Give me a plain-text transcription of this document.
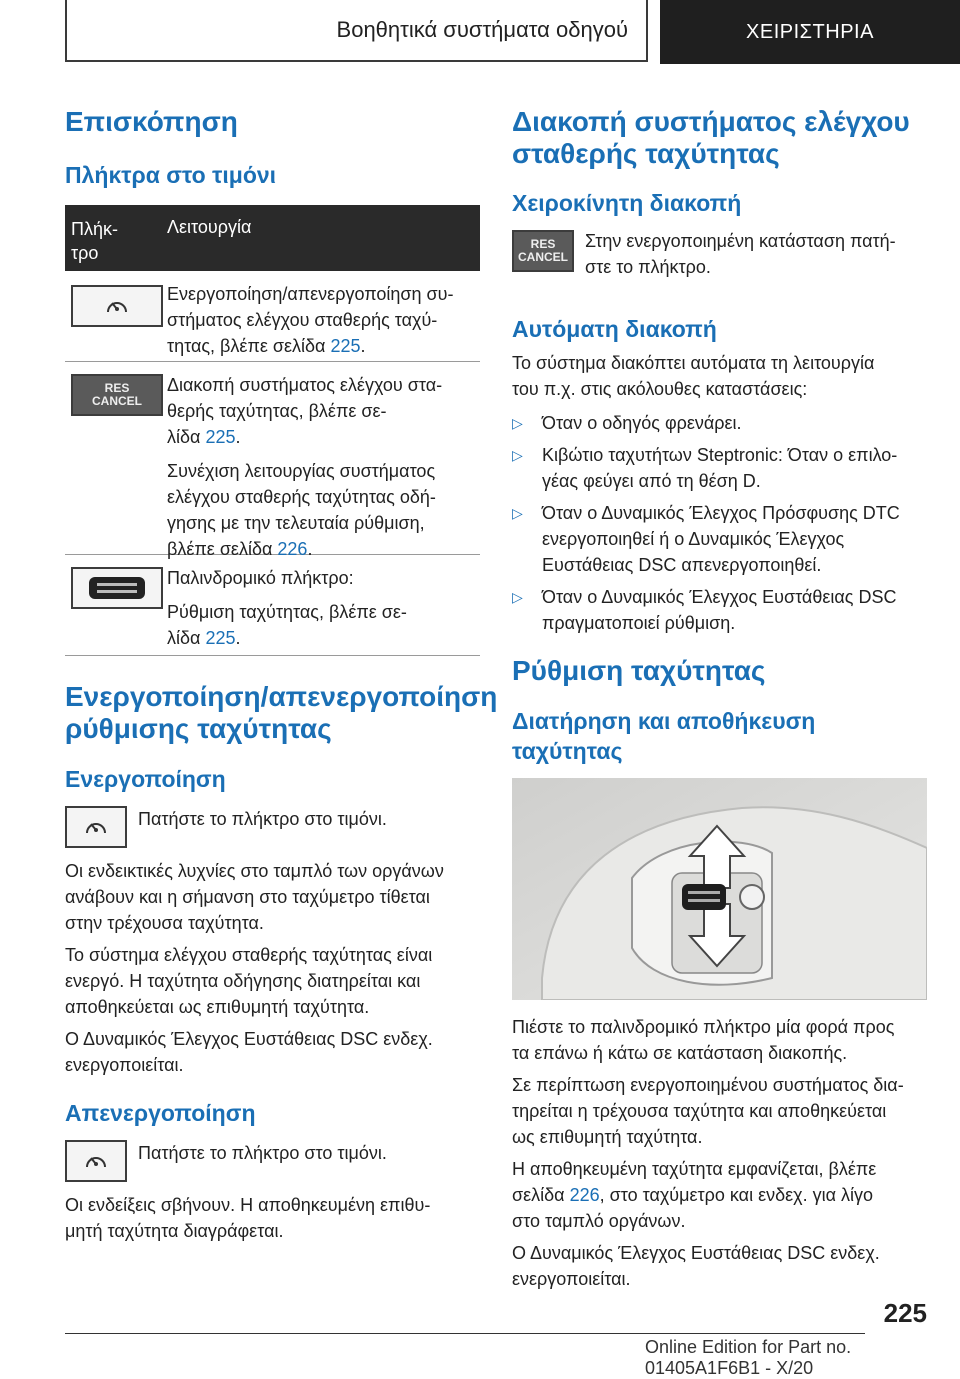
Βοηθητικά συστήματα οδηγού	ΧΕΙΡΙΣΤΗΡΙΑ
Επισκόπηση
Πλήκτρα στο τιμόνι
Πλήκ-
τρο
Λειτουργία
Ενεργοποίηση/απενεργοποίηση συ-
στήματος ελέγχου σταθερής ταχύ-
τητας, βλέπε σελίδα 225.
RES
CANCEL
Διακοπή συστήματος ελέγχου στα-
θερής ταχύτητας, βλέπε σε-
λίδα 225.
Συνέχιση λειτουργίας συστήματος
ελέγχου σταθερής ταχύτητας οδή-
γησης με την τελευταία ρύθμιση,
βλέπε σελίδα 226.
Παλινδρομικό πλήκτρο:
Ρύθμιση ταχύτητας, βλέπε σε-
λίδα 225.
Ενεργοποίηση/απενεργοποίηση
ρύθμισης ταχύτητας
Ενεργοποίηση
Πατήστε το πλήκτρο στο τιμόνι.
Οι ενδεικτικές λυχνίες στο ταμπλό των οργάνων
ανάβουν και η σήμανση στο ταχύμετρο τίθεται
στην τρέχουσα ταχύτητα.
Το σύστημα ελέγχου σταθερής ταχύτητας είναι
ενεργό. Η ταχύτητα οδήγησης διατηρείται και
αποθηκεύεται ως επιθυμητή ταχύτητα.
Ο Δυναμικός Έλεγχος Ευστάθειας DSC ενδεχ.
ενεργοποιείται.
Απενεργοποίηση
Πατήστε το πλήκτρο στο τιμόνι.
Οι ενδείξεις σβήνουν. Η αποθηκευμένη επιθυ-
μητή ταχύτητα διαγράφεται.
Διακοπή συστήματος ελέγχου
σταθερής ταχύτητας
Χειροκίνητη διακοπή
RES
CANCEL
Στην ενεργοποιημένη κατάσταση πατή-
στε το πλήκτρο.
Αυτόματη διακοπή
Το σύστημα διακόπτει αυτόματα τη λειτουργία
του π.χ. στις ακόλουθες καταστάσεις:
▷ Όταν ο οδηγός φρενάρει.
▷ Κιβώτιο ταχυτήτων Steptronic: Όταν ο επιλο-
γέας φεύγει από τη θέση D.
▷ Όταν ο Δυναμικός Έλεγχος Πρόσφυσης DTC
ενεργοποιηθεί ή ο Δυναμικός Έλεγχος
Ευστάθειας DSC απενεργοποιηθεί.
▷ Όταν ο Δυναμικός Έλεγχος Ευστάθειας DSC
πραγματοποιεί ρύθμιση.
Ρύθμιση ταχύτητας
Διατήρηση και αποθήκευση
ταχύτητας
Πιέστε το παλινδρομικό πλήκτρο μία φορά προς
τα επάνω ή κάτω σε κατάσταση διακοπής.
Σε περίπτωση ενεργοποιημένου συστήματος δια-
τηρείται η τρέχουσα ταχύτητα και αποθηκεύεται
ως επιθυμητή ταχύτητα.
Η αποθηκευμένη ταχύτητα εμφανίζεται, βλέπε
σελίδα 226, στο ταχύμετρο και ενδεχ. για λίγο
στο ταμπλό οργάνων.
Ο Δυναμικός Έλεγχος Ευστάθειας DSC ενδεχ.
ενεργοποιείται.
225
Online Edition for Part no. 01405A1F6B1 - X/20
